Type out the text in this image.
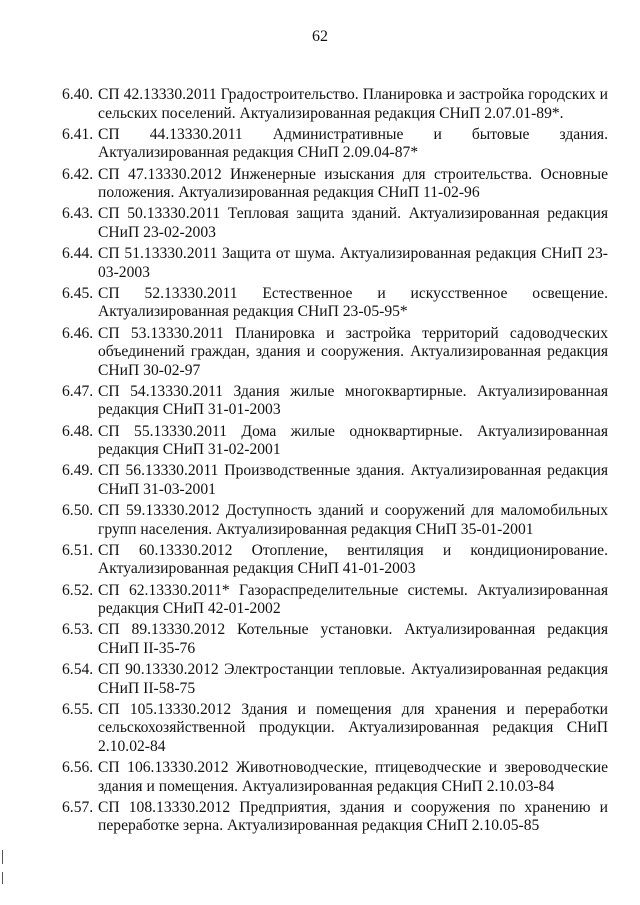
62
6.40. СП 42.13330.2011 Градостроительство. Планировка и застройка городских и сельских поселений. Актуализированная редакция СНиП 2.07.01-89*.
6.41. СП 44.13330.2011 Административные и бытовые здания. Актуализированная редакция СНиП 2.09.04-87*
6.42. СП 47.13330.2012 Инженерные изыскания для строительства. Основные положения. Актуализированная редакция СНиП 11-02-96
6.43. СП 50.13330.2011 Тепловая защита зданий. Актуализированная редакция СНиП 23-02-2003
6.44. СП 51.13330.2011 Защита от шума. Актуализированная редакция СНиП 23-03-2003
6.45. СП 52.13330.2011 Естественное и искусственное освещение. Актуализированная редакция СНиП 23-05-95*
6.46. СП 53.13330.2011 Планировка и застройка территорий садоводческих объединений граждан, здания и сооружения. Актуализированная редакция СНиП 30-02-97
6.47. СП 54.13330.2011 Здания жилые многоквартирные. Актуализированная редакция СНиП 31-01-2003
6.48. СП 55.13330.2011 Дома жилые одноквартирные. Актуализированная редакция СНиП 31-02-2001
6.49. СП 56.13330.2011 Производственные здания. Актуализированная редакция СНиП 31-03-2001
6.50. СП 59.13330.2012 Доступность зданий и сооружений для маломобильных групп населения. Актуализированная редакция СНиП 35-01-2001
6.51. СП 60.13330.2012 Отопление, вентиляция и кондиционирование. Актуализированная редакция СНиП 41-01-2003
6.52. СП 62.13330.2011* Газораспределительные системы. Актуализированная редакция СНиП 42-01-2002
6.53. СП 89.13330.2012 Котельные установки. Актуализированная редакция СНиП II-35-76
6.54. СП 90.13330.2012 Электростанции тепловые. Актуализированная редакция СНиП II-58-75
6.55. СП 105.13330.2012 Здания и помещения для хранения и переработки сельскохозяйственной продукции. Актуализированная редакция СНиП 2.10.02-84
6.56. СП 106.13330.2012 Животноводческие, птицеводческие и звероводческие здания и помещения. Актуализированная редакция СНиП 2.10.03-84
6.57. СП 108.13330.2012 Предприятия, здания и сооружения по хранению и переработке зерна. Актуализированная редакция СНиП 2.10.05-85
